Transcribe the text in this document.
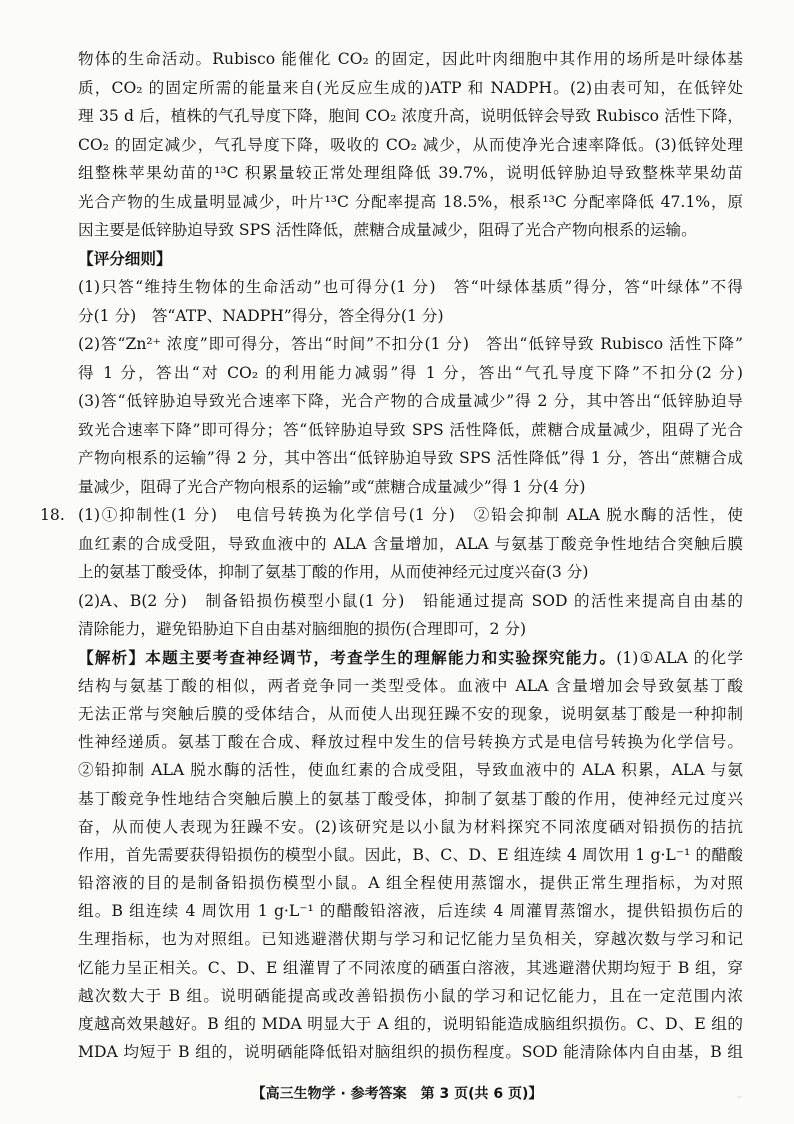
物体的生命活动。Rubisco 能催化 CO₂ 的固定，因此叶肉细胞中其作用的场所是叶绿体基
质，CO₂ 的固定所需的能量来自(光反应生成的)ATP 和 NADPH。(2)由表可知，在低锌处
理 35 d 后，植株的气孔导度下降，胞间 CO₂ 浓度升高，说明低锌会导致 Rubisco 活性下降，
CO₂ 的固定减少，气孔导度下降，吸收的 CO₂ 减少，从而使净光合速率降低。(3)低锌处理
组整株苹果幼苗的¹³C 积累量较正常处理组降低 39.7%，说明低锌胁迫导致整株苹果幼苗
光合产物的生成量明显减少，叶片¹³C 分配率提高 18.5%，根系¹³C 分配率降低 47.1%，原
因主要是低锌胁迫导致 SPS 活性降低，蔗糖合成量减少，阻碍了光合产物向根系的运输。
【评分细则】
(1)只答“维持生物体的生命活动”也可得分(1 分)　答“叶绿体基质”得分，答“叶绿体”不得
分(1 分)　答“ATP、NADPH”得分，答全得分(1 分)
(2)答“Zn²⁺ 浓度”即可得分，答出“时间”不扣分(1 分)　答出“低锌导致 Rubisco 活性下降”
得 1 分，答出“对 CO₂ 的利用能力减弱”得 1 分，答出“气孔导度下降”不扣分(2 分)
(3)答“低锌胁迫导致光合速率下降，光合产物的合成量减少”得 2 分，其中答出“低锌胁迫导
致光合速率下降”即可得分；答“低锌胁迫导致 SPS 活性降低，蔗糖合成量减少，阻碍了光合
产物向根系的运输”得 2 分，其中答出“低锌胁迫导致 SPS 活性降低”得 1 分，答出“蔗糖合成
量减少，阻碍了光合产物向根系的运输”或“蔗糖合成量减少”得 1 分(4 分)
(1)①抑制性(1 分)　电信号转换为化学信号(1 分)　②铅会抑制 ALA 脱水酶的活性，使
血红素的合成受阻，导致血液中的 ALA 含量增加，ALA 与氨基丁酸竞争性地结合突触后膜
上的氨基丁酸受体，抑制了氨基丁酸的作用，从而使神经元过度兴奋(3 分)
(2)A、B(2 分)　制备铅损伤模型小鼠(1 分)　铅能通过提高 SOD 的活性来提高自由基的
清除能力，避免铅胁迫下自由基对脑细胞的损伤(合理即可，2 分)
【解析】本题主要考查神经调节，考查学生的理解能力和实验探究能力。(1)①ALA 的化学
结构与氨基丁酸的相似，两者竞争同一类型受体。血液中 ALA 含量增加会导致氨基丁酸
无法正常与突触后膜的受体结合，从而使人出现狂躁不安的现象，说明氨基丁酸是一种抑制
性神经递质。氨基丁酸在合成、释放过程中发生的信号转换方式是电信号转换为化学信号。
②铅抑制 ALA 脱水酶的活性，使血红素的合成受阻，导致血液中的 ALA 积累，ALA 与氨
基丁酸竞争性地结合突触后膜上的氨基丁酸受体，抑制了氨基丁酸的作用，使神经元过度兴
奋，从而使人表现为狂躁不安。(2)该研究是以小鼠为材料探究不同浓度硒对铅损伤的拮抗
作用，首先需要获得铅损伤的模型小鼠。因此，B、C、D、E 组连续 4 周饮用 1 g·L⁻¹ 的醋酸
铅溶液的目的是制备铅损伤模型小鼠。A 组全程使用蒸馏水，提供正常生理指标，为对照
组。B 组连续 4 周饮用 1 g·L⁻¹ 的醋酸铅溶液，后连续 4 周灌胃蒸馏水，提供铅损伤后的
生理指标，也为对照组。已知逃避潜伏期与学习和记忆能力呈负相关，穿越次数与学习和记
忆能力呈正相关。C、D、E 组灌胃了不同浓度的硒蛋白溶液，其逃避潜伏期均短于 B 组，穿
越次数大于 B 组。说明硒能提高或改善铅损伤小鼠的学习和记忆能力，且在一定范围内浓
度越高效果越好。B 组的 MDA 明显大于 A 组的，说明铅能造成脑组织损伤。C、D、E 组的
MDA 均短于 B 组的，说明硒能降低铅对脑组织的损伤程度。SOD 能清除体内自由基，B 组
18.
【高三生物学 · 参考答案　第 3 页(共 6 页)】	··
